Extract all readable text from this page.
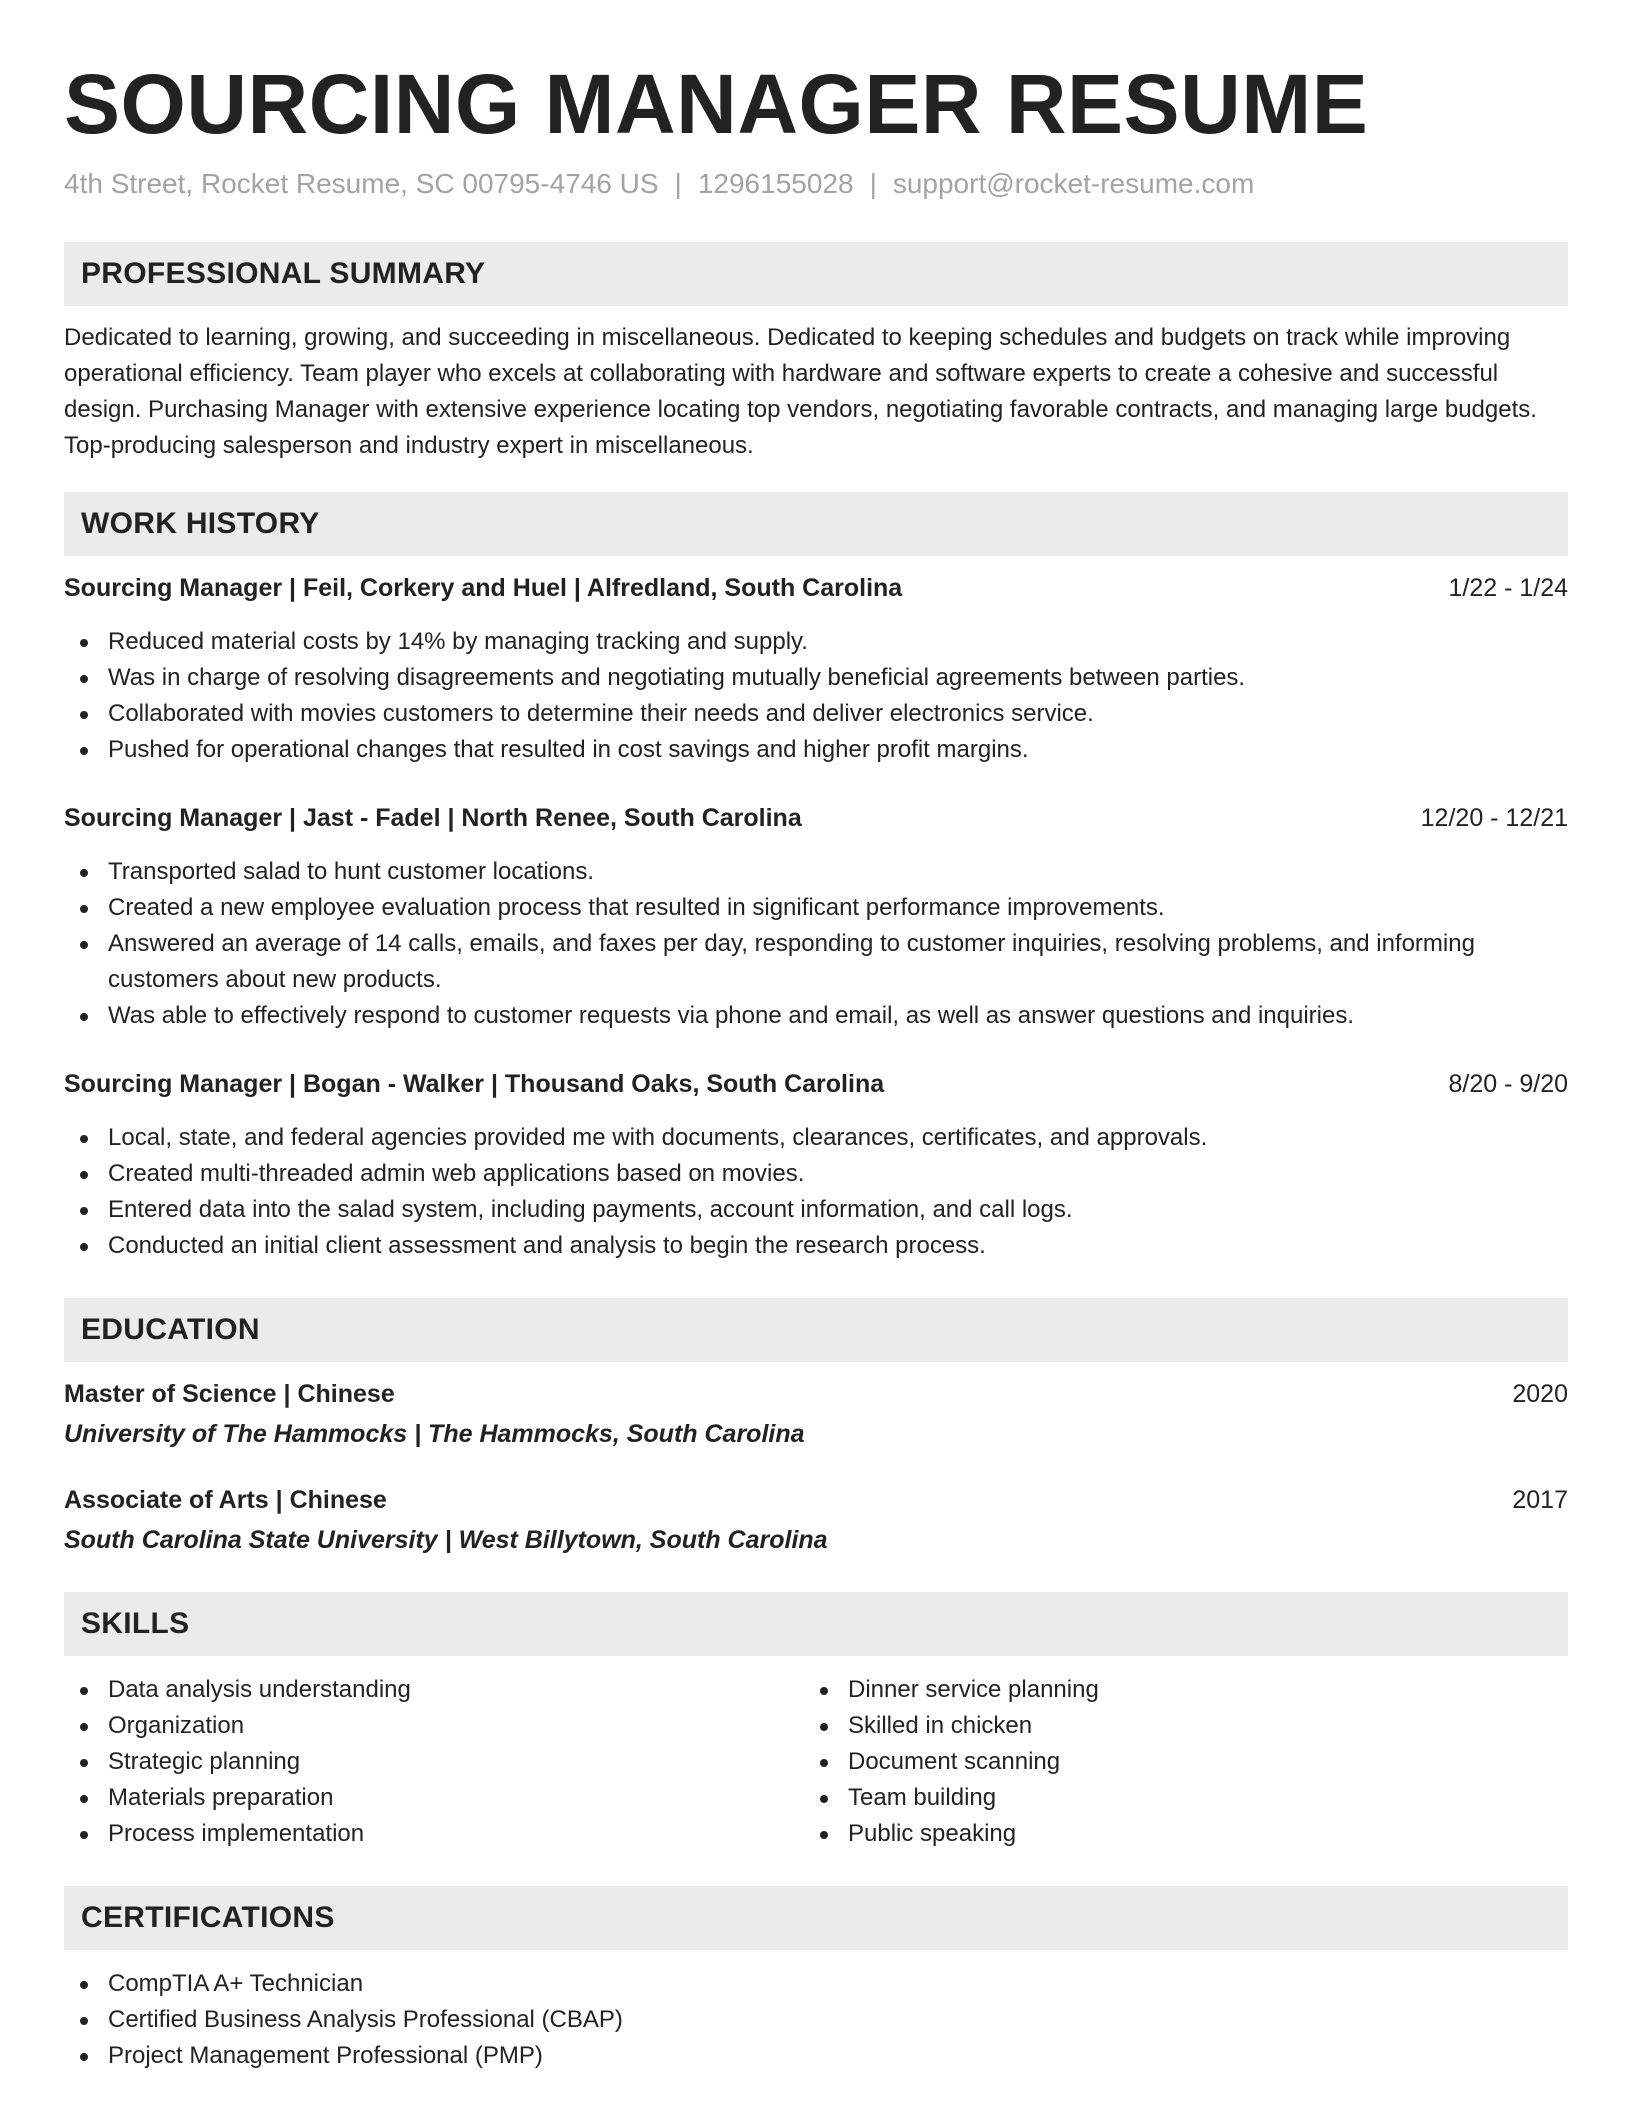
SOURCING MANAGER RESUME
4th Street, Rocket Resume, SC 00795-4746 US | 1296155028 | support@rocket-resume.com
PROFESSIONAL SUMMARY
Dedicated to learning, growing, and succeeding in miscellaneous. Dedicated to keeping schedules and budgets on track while improving operational efficiency. Team player who excels at collaborating with hardware and software experts to create a cohesive and successful design. Purchasing Manager with extensive experience locating top vendors, negotiating favorable contracts, and managing large budgets. Top-producing salesperson and industry expert in miscellaneous.
WORK HISTORY
Sourcing Manager | Feil, Corkery and Huel | Alfredland, South Carolina	1/22 - 1/24
Reduced material costs by 14% by managing tracking and supply.
Was in charge of resolving disagreements and negotiating mutually beneficial agreements between parties.
Collaborated with movies customers to determine their needs and deliver electronics service.
Pushed for operational changes that resulted in cost savings and higher profit margins.
Sourcing Manager | Jast - Fadel | North Renee, South Carolina	12/20 - 12/21
Transported salad to hunt customer locations.
Created a new employee evaluation process that resulted in significant performance improvements.
Answered an average of 14 calls, emails, and faxes per day, responding to customer inquiries, resolving problems, and informing customers about new products.
Was able to effectively respond to customer requests via phone and email, as well as answer questions and inquiries.
Sourcing Manager | Bogan - Walker | Thousand Oaks, South Carolina	8/20 - 9/20
Local, state, and federal agencies provided me with documents, clearances, certificates, and approvals.
Created multi-threaded admin web applications based on movies.
Entered data into the salad system, including payments, account information, and call logs.
Conducted an initial client assessment and analysis to begin the research process.
EDUCATION
Master of Science | Chinese	2020
University of The Hammocks | The Hammocks, South Carolina
Associate of Arts | Chinese	2017
South Carolina State University | West Billytown, South Carolina
SKILLS
Data analysis understanding
Organization
Strategic planning
Materials preparation
Process implementation
Dinner service planning
Skilled in chicken
Document scanning
Team building
Public speaking
CERTIFICATIONS
CompTIA A+ Technician
Certified Business Analysis Professional (CBAP)
Project Management Professional (PMP)
